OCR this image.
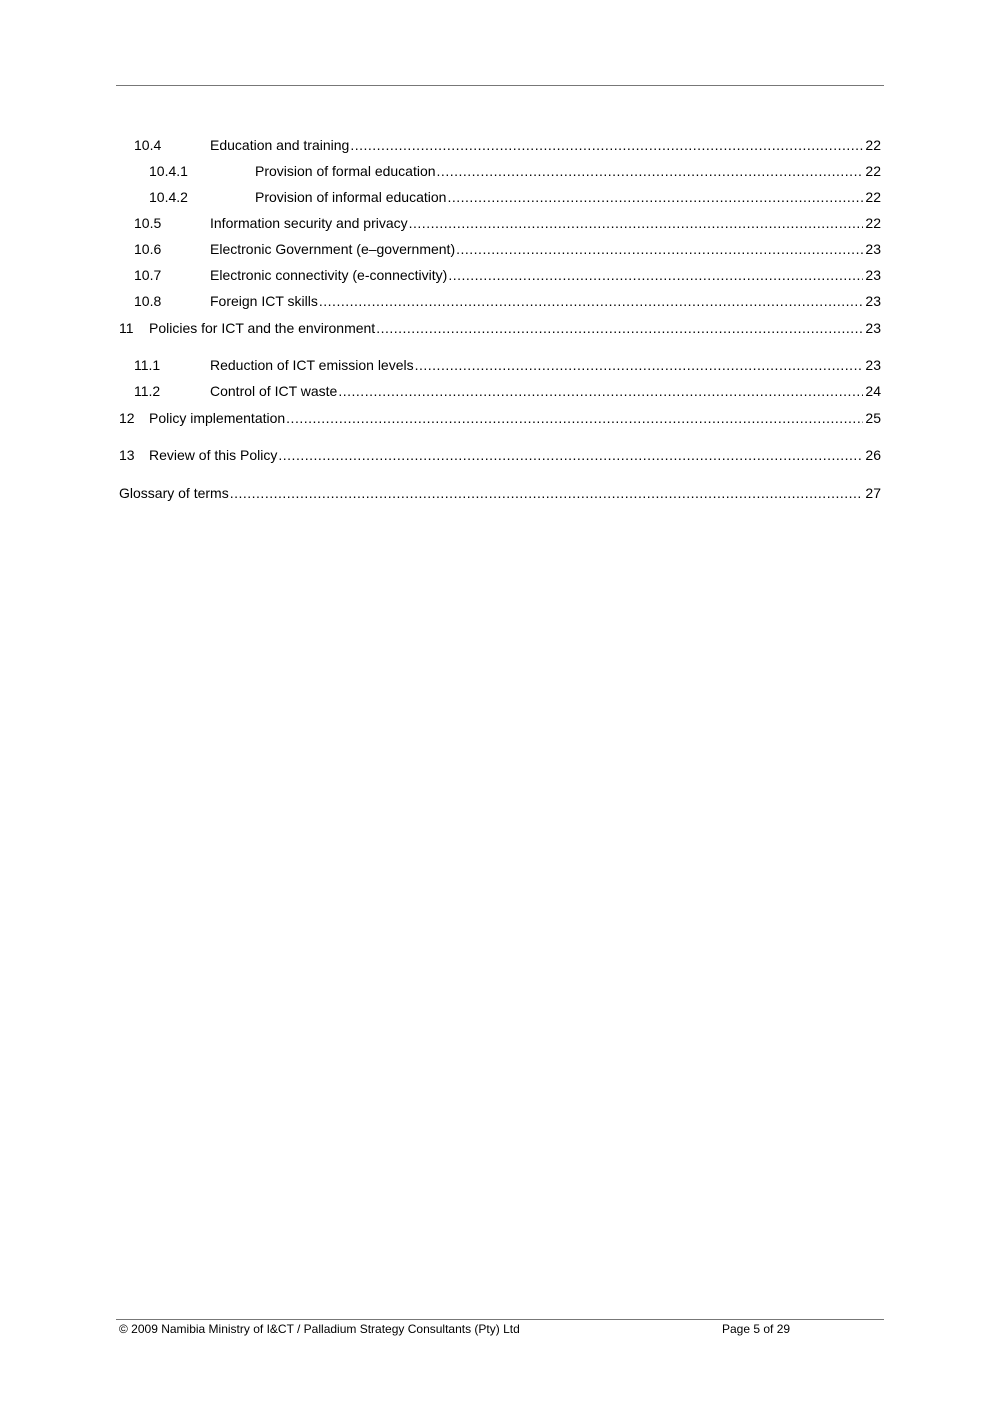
10.4	Education and training .....	22
10.4.1	Provision of formal education .....	22
10.4.2	Provision of informal education .....	22
10.5	Information security and privacy .....	22
10.6	Electronic Government (e–government) .....	23
10.7	Electronic connectivity (e-connectivity) .....	23
10.8	Foreign ICT skills .....	23
11 Policies for ICT and the environment .....	23
11.1	Reduction of ICT emission levels .....	23
11.2	Control of ICT waste .....	24
12 Policy implementation .....	25
13 Review of this Policy .....	26
Glossary of terms .....	27
© 2009 Namibia Ministry of I&CT / Palladium Strategy Consultants (Pty) Ltd	Page 5 of 29
